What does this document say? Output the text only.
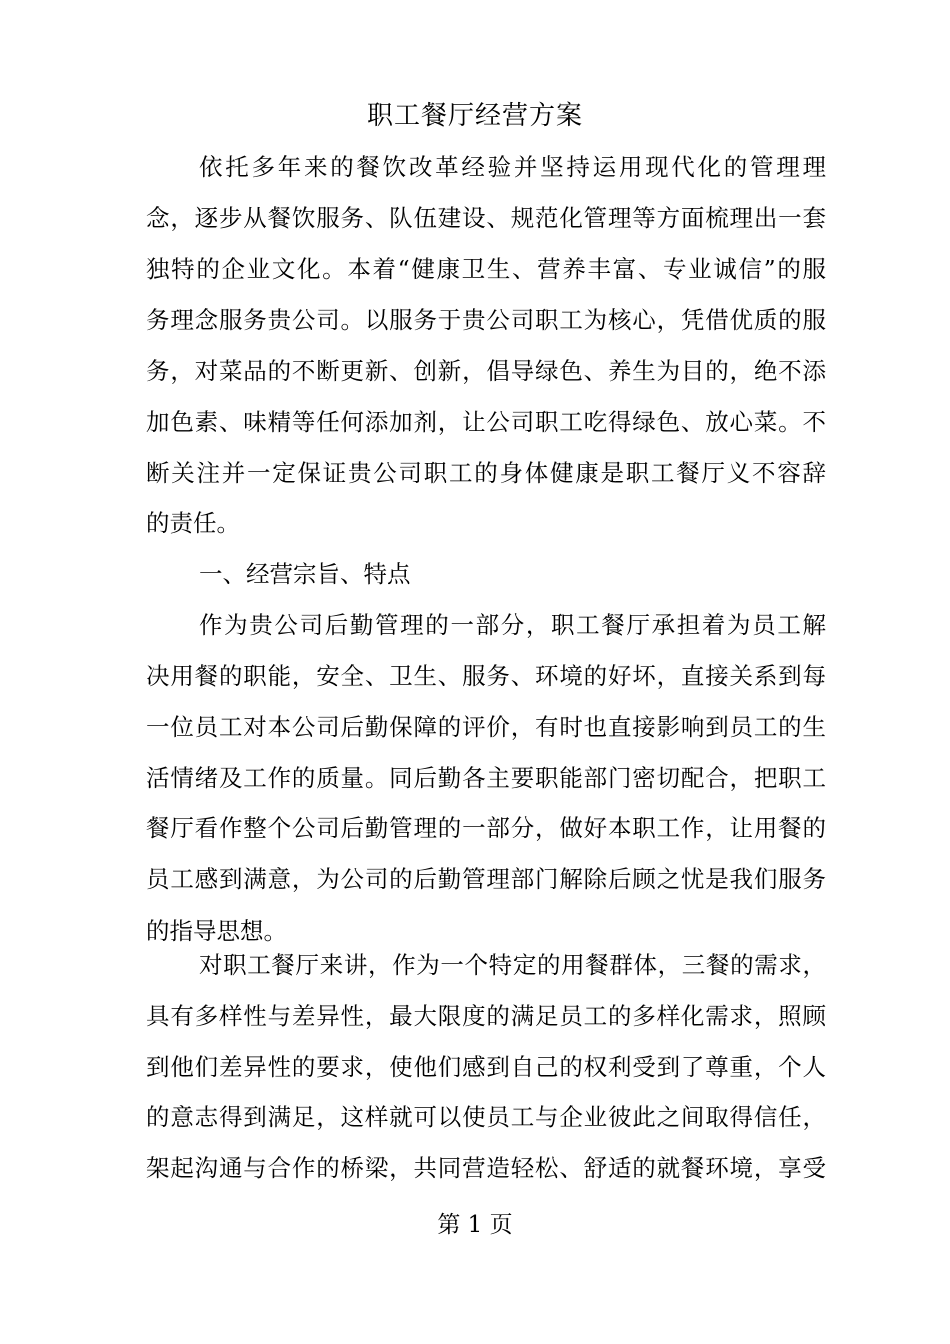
职工餐厅经营方案
依托多年来的餐饮改革经验并坚持运用现代化的管理理
念，逐步从餐饮服务、队伍建设、规范化管理等方面梳理出一套
独特的企业文化。本着“健康卫生、营养丰富、专业诚信”的服
务理念服务贵公司。以服务于贵公司职工为核心，凭借优质的服
务，对菜品的不断更新、创新，倡导绿色、养生为目的，绝不添
加色素、味精等任何添加剂，让公司职工吃得绿色、放心菜。不
断关注并一定保证贵公司职工的身体健康是职工餐厅义不容辞
的责任。
一、经营宗旨、特点
作为贵公司后勤管理的一部分，职工餐厅承担着为员工解
决用餐的职能，安全、卫生、服务、环境的好坏，直接关系到每
一位员工对本公司后勤保障的评价，有时也直接影响到员工的生
活情绪及工作的质量。同后勤各主要职能部门密切配合，把职工
餐厅看作整个公司后勤管理的一部分，做好本职工作，让用餐的
员工感到满意，为公司的后勤管理部门解除后顾之忧是我们服务
的指导思想。
对职工餐厅来讲，作为一个特定的用餐群体，三餐的需求，
具有多样性与差异性，最大限度的满足员工的多样化需求，照顾
到他们差异性的要求，使他们感到自己的权利受到了尊重，个人
的意志得到满足，这样就可以使员工与企业彼此之间取得信任，
架起沟通与合作的桥梁，共同营造轻松、舒适的就餐环境，享受
第 1 页
